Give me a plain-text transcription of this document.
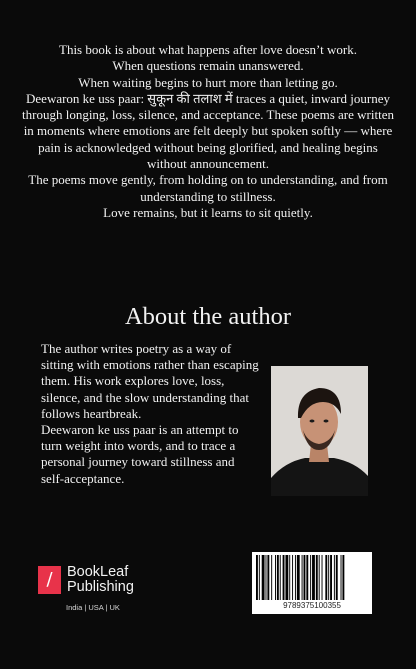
This book is about what happens after love doesn’t work.

When questions remain unanswered.

When waiting begins to hurt more than letting go.

Deewaron ke uss paar: सुकून की तलाश में traces a quiet, inward journey through longing, loss, silence, and acceptance. These poems are written in moments where emotions are felt deeply but spoken softly — where pain is acknowledged without being glorified, and healing begins without announcement.

The poems move gently, from holding on to understanding, and from understanding to stillness.

Love remains, but it learns to sit quietly.

About the author

The author writes poetry as a way of sitting with emotions rather than escaping them. His work explores love, loss, silence, and the slow understanding that follows heartbreak.

Deewaron ke uss paar is an attempt to turn weight into words, and to trace a personal journey toward stillness and self-acceptance.

/ BookLeaf
Publishing
India | USA | UK	9789375100355
